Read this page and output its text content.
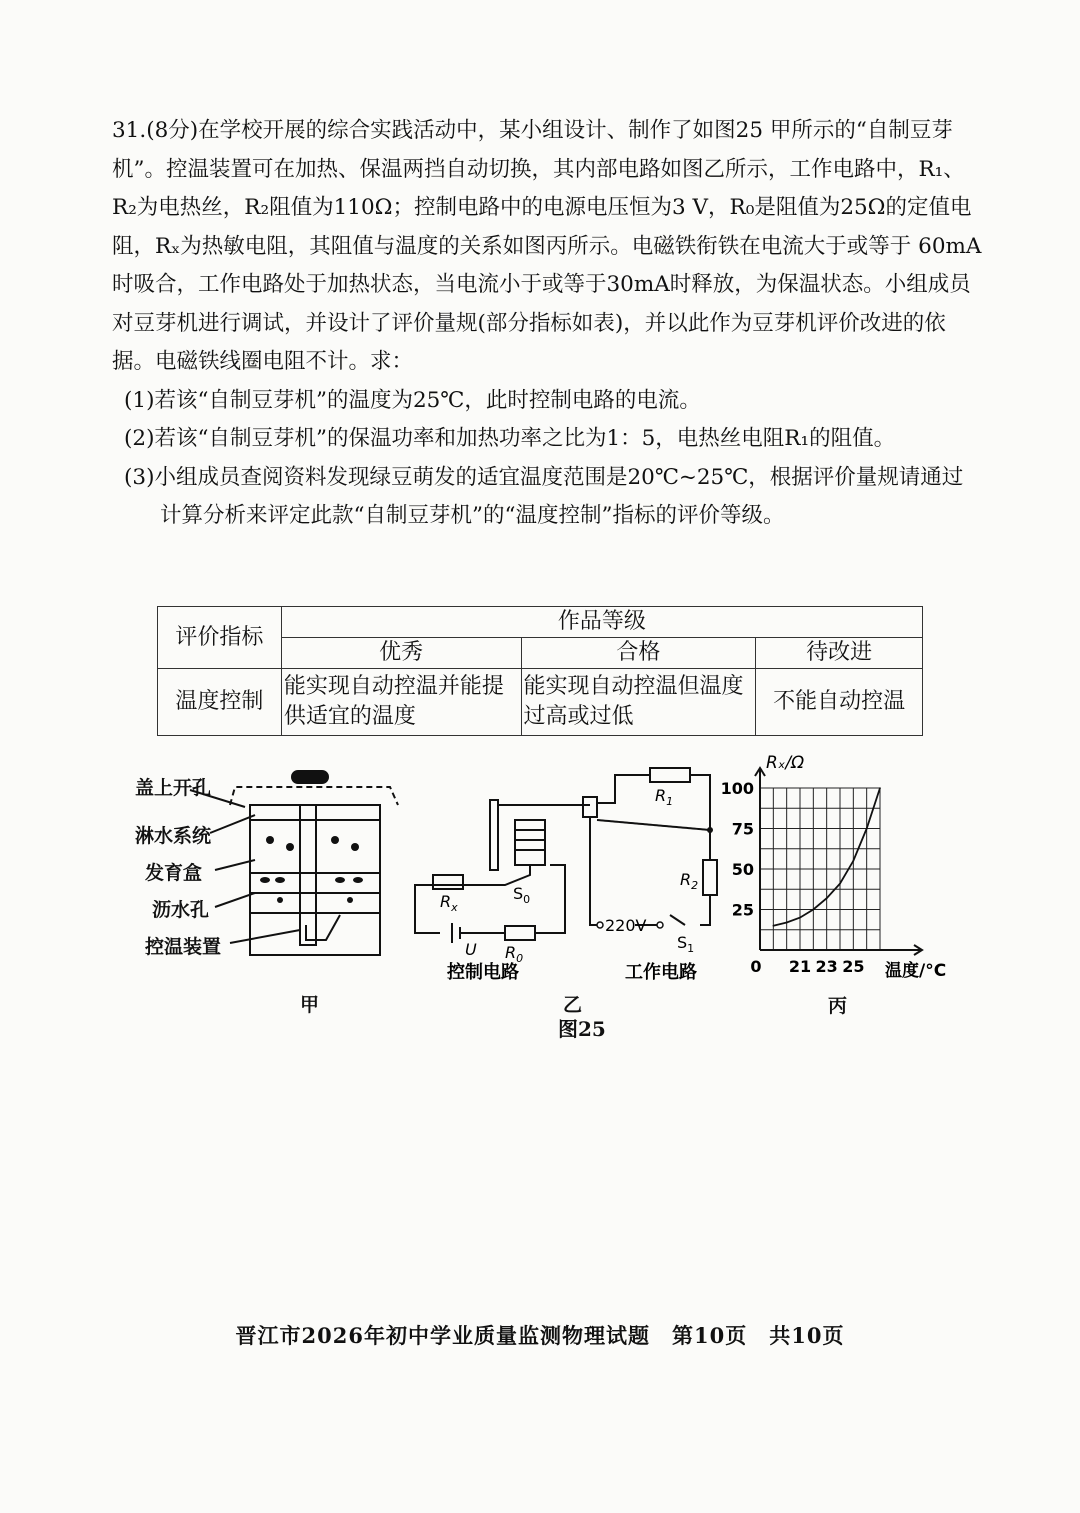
31.(8分)在学校开展的综合实践活动中，某小组设计、制作了如图25 甲所示的“自制豆芽机”。控温装置可在加热、保温两挡自动切换，其内部电路如图乙所示，工作电路中，R₁、R₂为电热丝，R₂阻值为110Ω；控制电路中的电源电压恒为3 V，R₀是阻值为25Ω的定值电阻，Rₓ为热敏电阻，其阻值与温度的关系如图丙所示。电磁铁衔铁在电流大于或等于 60mA时吸合，工作电路处于加热状态，当电流小于或等于30mA时释放，为保温状态。小组成员对豆芽机进行调试，并设计了评价量规(部分指标如表)，并以此作为豆芽机评价改进的依据。电磁铁线圈电阻不计。求：

(1)若该“自制豆芽机”的温度为25℃，此时控制电路的电流。

(2)若该“自制豆芽机”的保温功率和加热功率之比为1：5，电热丝电阻R₁的阻值。

(3)小组成员查阅资料发现绿豆萌发的适宜温度范围是20℃~25℃，根据评价量规请通过计算分析来评定此款“自制豆芽机”的“温度控制”指标的评价等级。

评价指标	作品等级		
	优秀	合格	待改进
温度控制	能实现自动控温并能提供适宜的温度	能实现自动控温但温度过高或过低	不能自动控温
盖上开孔
淋水系统
发育盒
沥水孔
控温装置
甲
$R_1$
$R_2$
$R_x$
$R_0$
$S_0$
$S_1$
U
220V
控制电路	工作电路
乙
Rₓ/Ω
温度/°C
0 21 23 25
25
50
75
100
丙
图25
晋江市2026年初中学业质量监测物理试题　第10页　共10页
